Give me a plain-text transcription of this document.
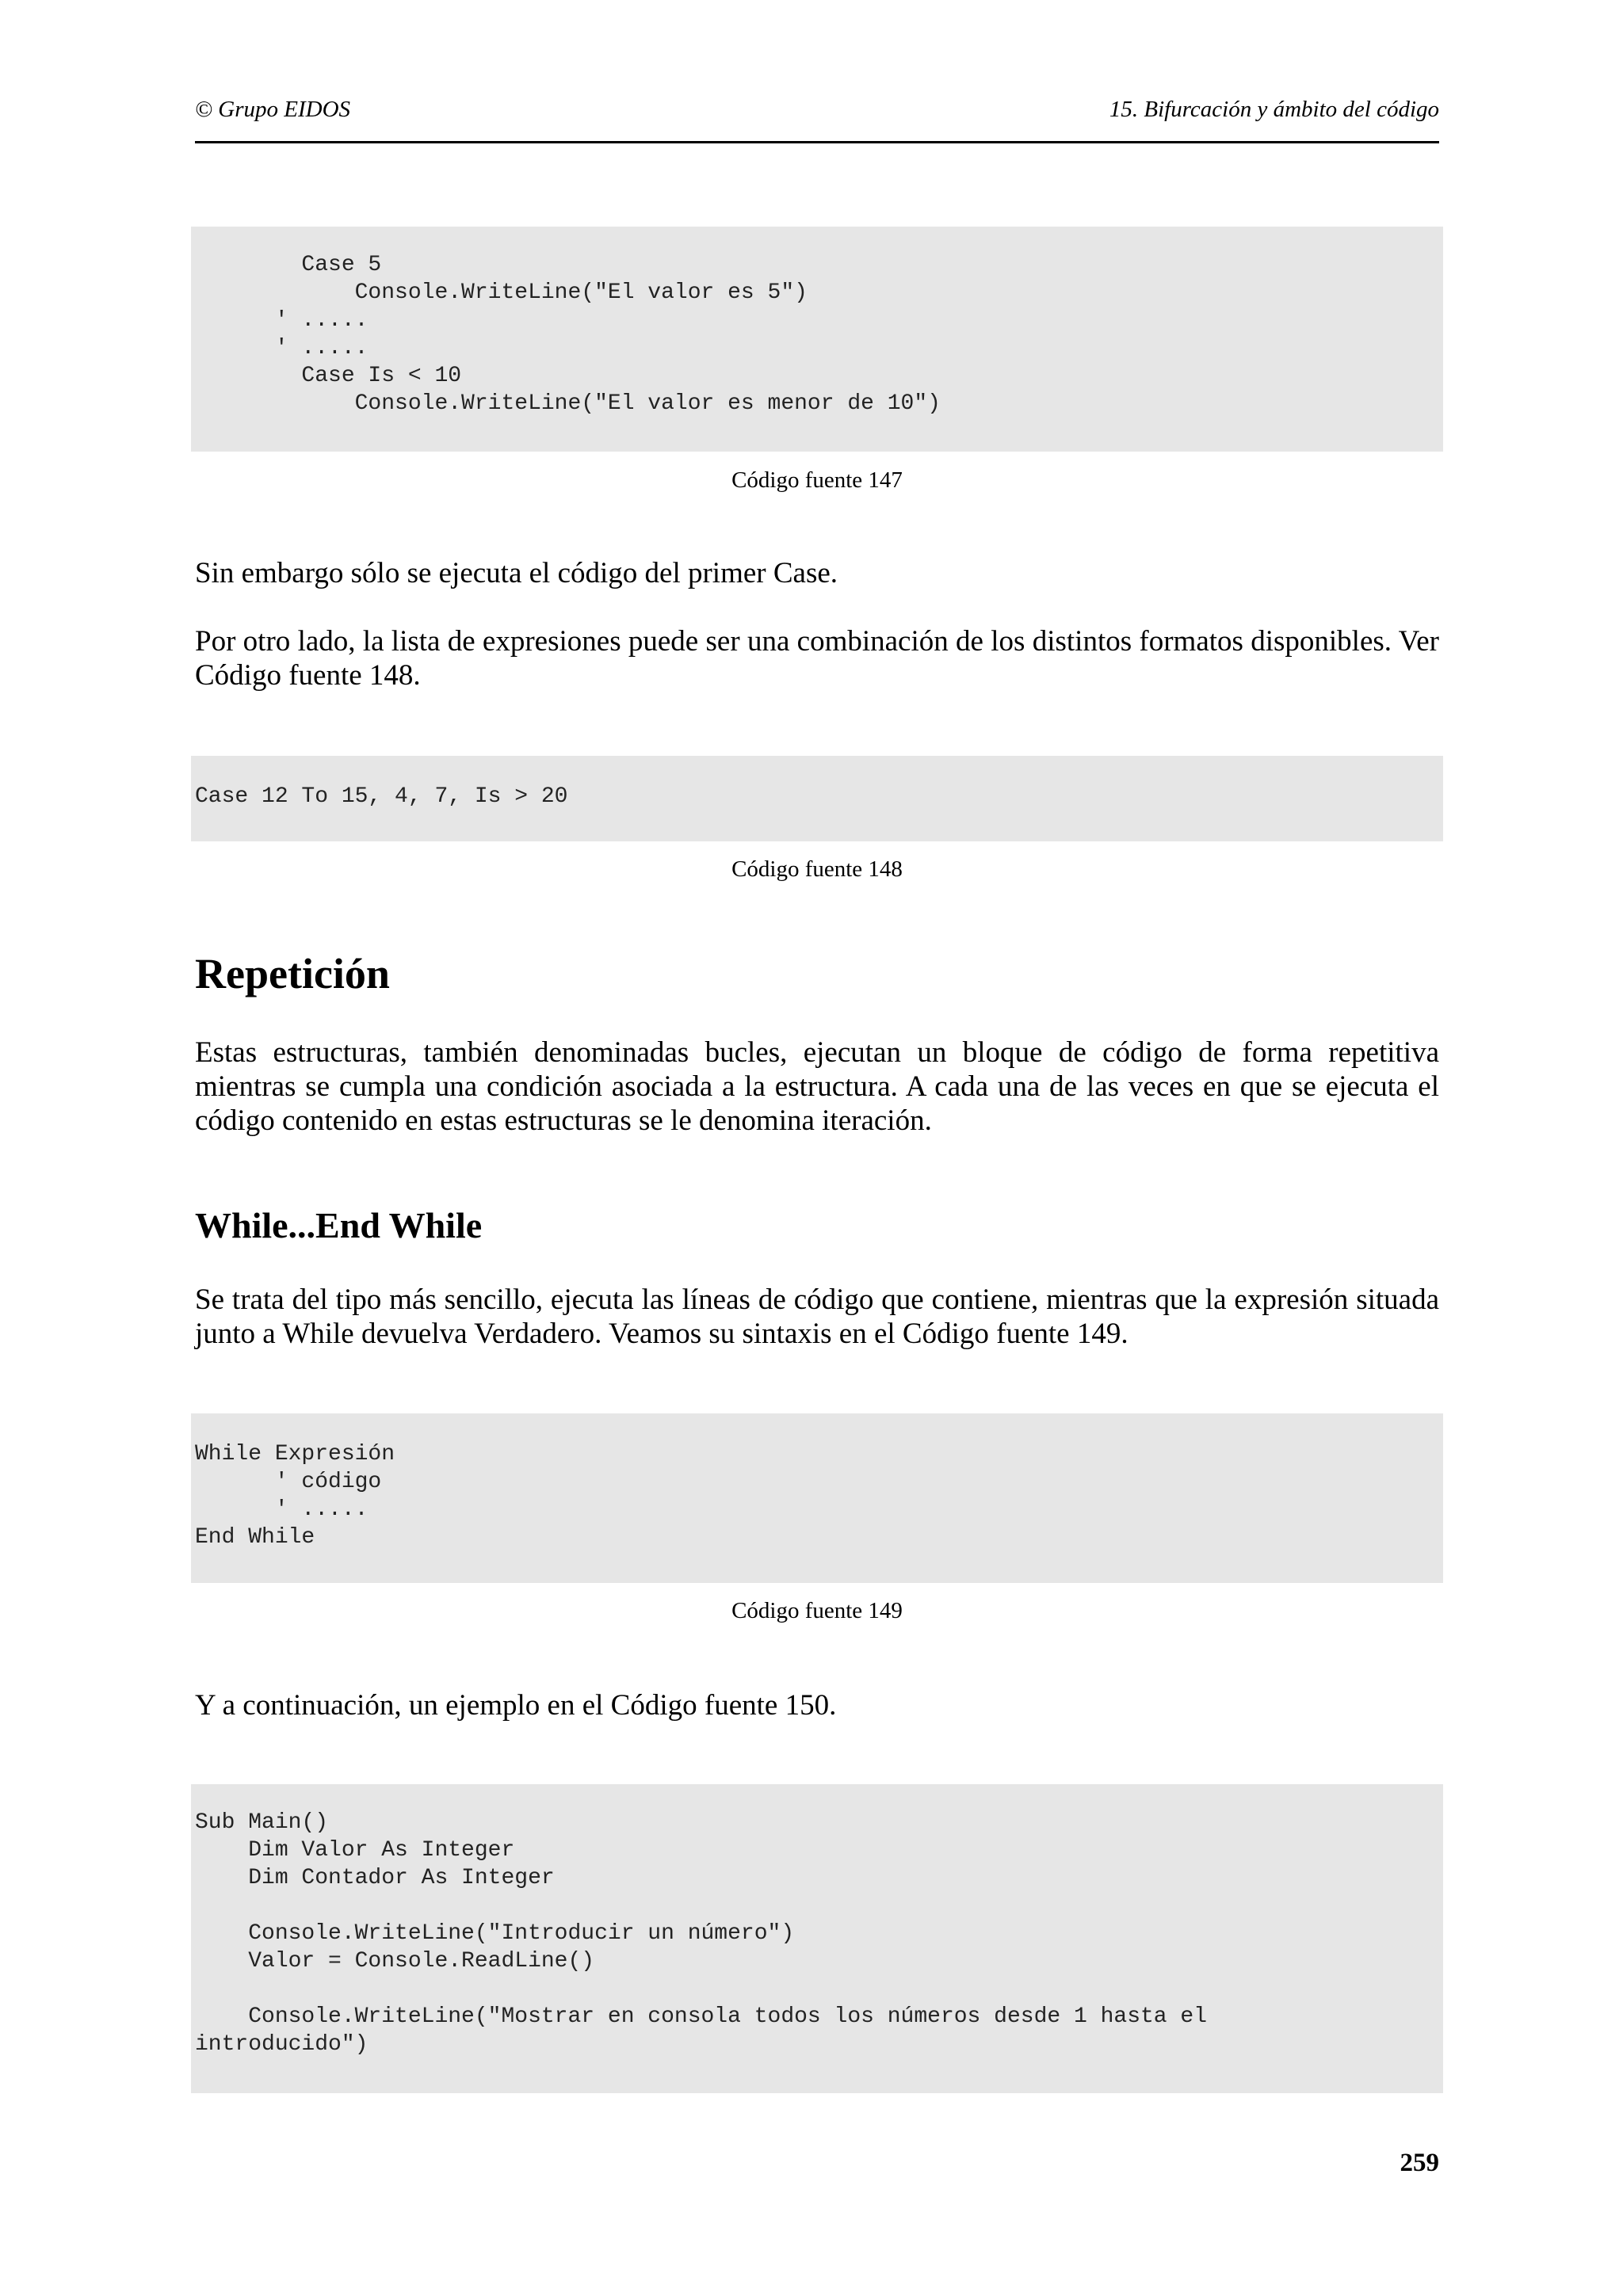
© Grupo EIDOS	15. Bifurcación y ámbito del código
Case 5
Console.WriteLine("El valor es 5")
' .....
' .....
Case Is < 10
Console.WriteLine("El valor es menor de 10")
Código fuente 147
Sin embargo sólo se ejecuta el código del primer Case.
Por otro lado, la lista de expresiones puede ser una combinación de los distintos formatos disponibles. Ver Código fuente 148.
Case 12 To 15, 4, 7, Is > 20
Código fuente 148
Repetición
Estas estructuras, también denominadas bucles, ejecutan un bloque de código de forma repetitiva mientras se cumpla una condición asociada a la estructura. A cada una de las veces en que se ejecuta el código contenido en estas estructuras se le denomina iteración.
While...End While
Se trata del tipo más sencillo, ejecuta las líneas de código que contiene, mientras que la expresión situada junto a While devuelva Verdadero. Veamos su sintaxis en el Código fuente 149.
While Expresión
' código
' .....
End While
Código fuente 149
Y a continuación, un ejemplo en el Código fuente 150.
Sub Main()
Dim Valor As Integer
Dim Contador As Integer

Console.WriteLine("Introducir un número")
Valor = Console.ReadLine()

Console.WriteLine("Mostrar en consola todos los números desde 1 hasta el
introducido")
259
